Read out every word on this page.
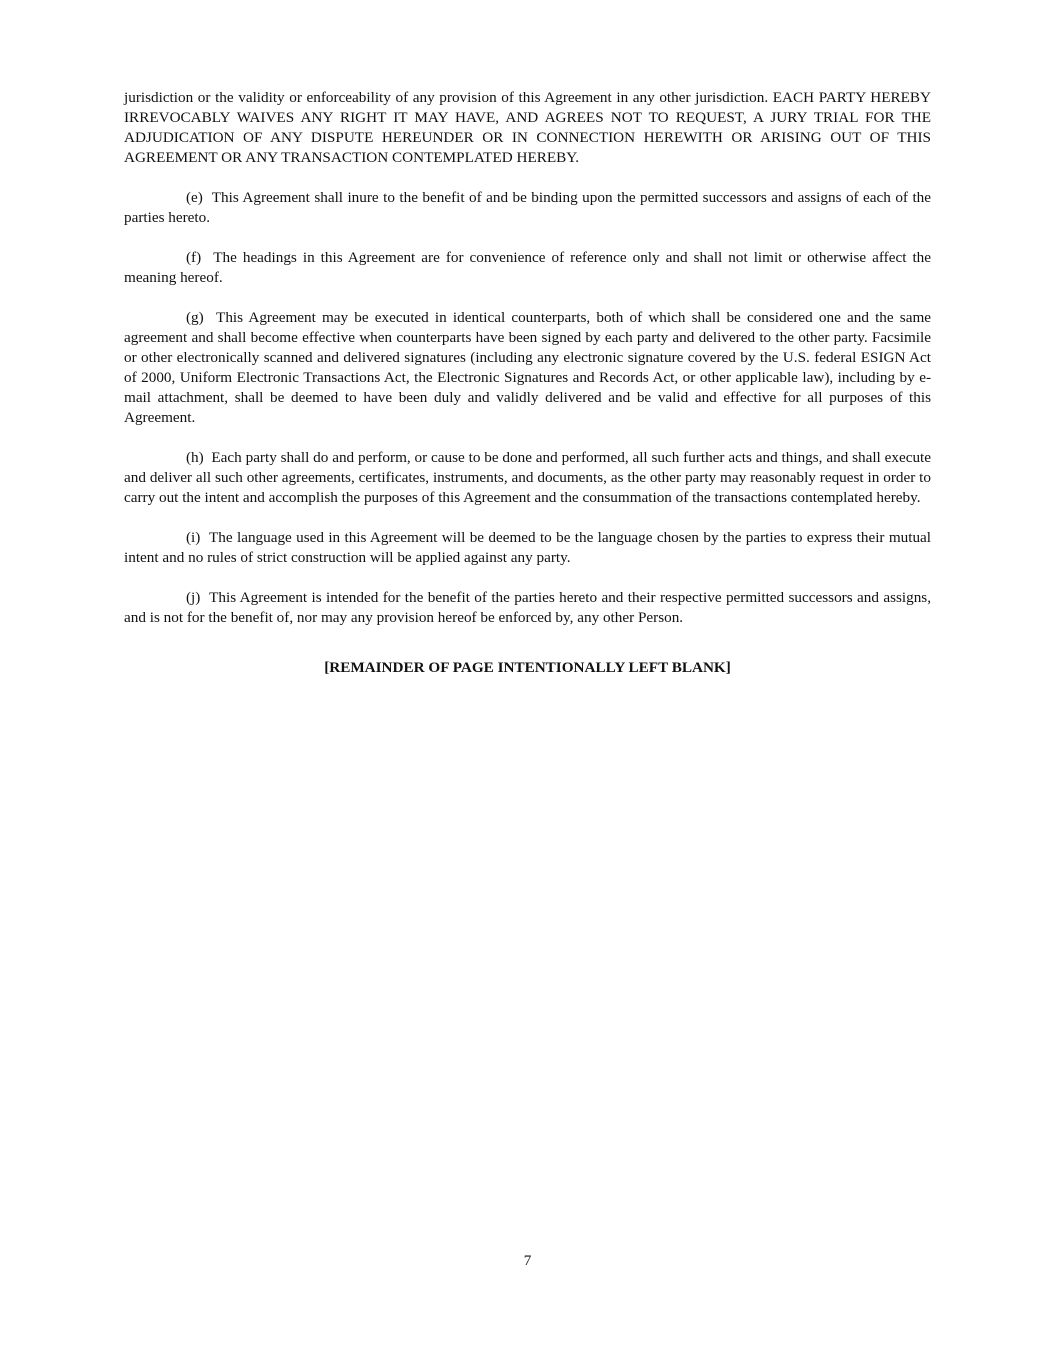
jurisdiction or the validity or enforceability of any provision of this Agreement in any other jurisdiction. EACH PARTY HEREBY IRREVOCABLY WAIVES ANY RIGHT IT MAY HAVE, AND AGREES NOT TO REQUEST, A JURY TRIAL FOR THE ADJUDICATION OF ANY DISPUTE HEREUNDER OR IN CONNECTION HEREWITH OR ARISING OUT OF THIS AGREEMENT OR ANY TRANSACTION CONTEMPLATED HEREBY.

(e) This Agreement shall inure to the benefit of and be binding upon the permitted successors and assigns of each of the parties hereto.

(f) The headings in this Agreement are for convenience of reference only and shall not limit or otherwise affect the meaning hereof.

(g) This Agreement may be executed in identical counterparts, both of which shall be considered one and the same agreement and shall become effective when counterparts have been signed by each party and delivered to the other party. Facsimile or other electronically scanned and delivered signatures (including any electronic signature covered by the U.S. federal ESIGN Act of 2000, Uniform Electronic Transactions Act, the Electronic Signatures and Records Act, or other applicable law), including by e-mail attachment, shall be deemed to have been duly and validly delivered and be valid and effective for all purposes of this Agreement.

(h) Each party shall do and perform, or cause to be done and performed, all such further acts and things, and shall execute and deliver all such other agreements, certificates, instruments, and documents, as the other party may reasonably request in order to carry out the intent and accomplish the purposes of this Agreement and the consummation of the transactions contemplated hereby.

(i) The language used in this Agreement will be deemed to be the language chosen by the parties to express their mutual intent and no rules of strict construction will be applied against any party.

(j) This Agreement is intended for the benefit of the parties hereto and their respective permitted successors and assigns, and is not for the benefit of, nor may any provision hereof be enforced by, any other Person.

[REMAINDER OF PAGE INTENTIONALLY LEFT BLANK]
7
